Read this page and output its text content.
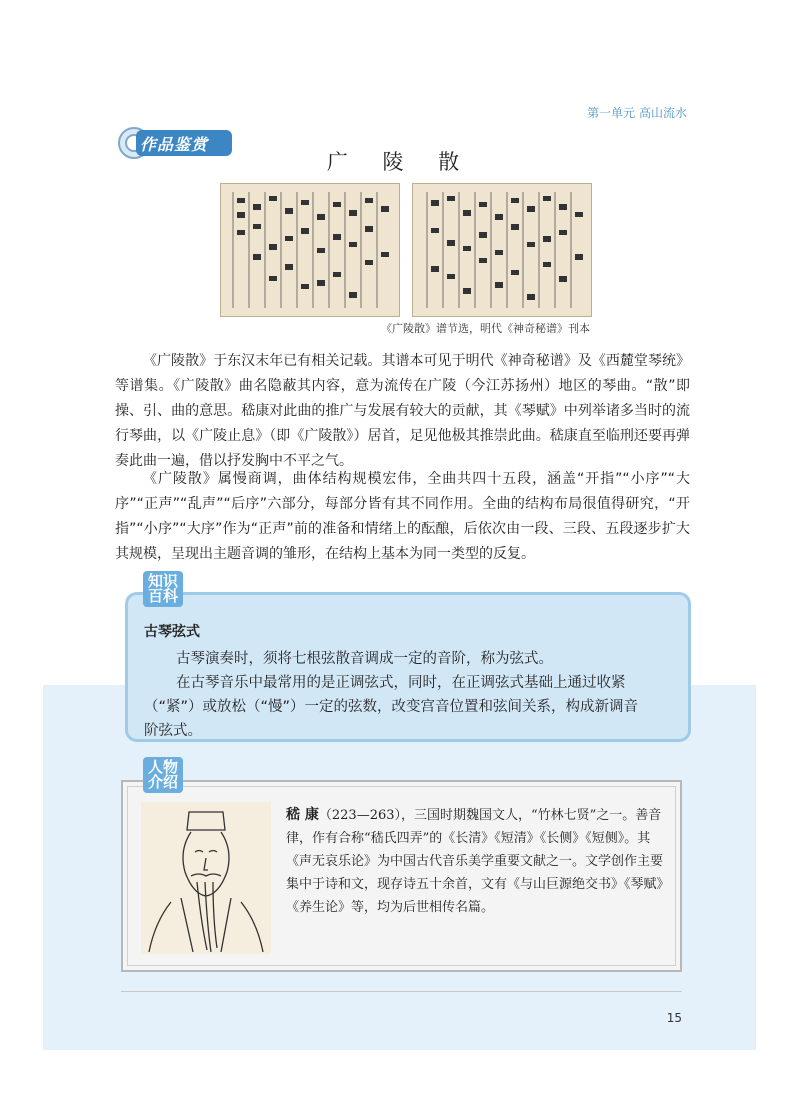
第一单元 高山流水
作品鉴赏
广 陵 散
《广陵散》谱节选，明代《神奇秘谱》刊本

《广陵散》于东汉末年已有相关记载。其谱本可见于明代《神奇秘谱》及《西麓堂琴统》等谱集。《广陵散》曲名隐蔽其内容，意为流传在广陵（今江苏扬州）地区的琴曲。“散”即操、引、曲的意思。嵇康对此曲的推广与发展有较大的贡献，其《琴赋》中列举诸多当时的流行琴曲，以《广陵止息》（即《广陵散》）居首，足见他极其推崇此曲。嵇康直至临刑还要再弹奏此曲一遍，借以抒发胸中不平之气。

《广陵散》属慢商调，曲体结构规模宏伟，全曲共四十五段，涵盖“开指”“小序”“大序”“正声”“乱声”“后序”六部分，每部分皆有其不同作用。全曲的结构布局很值得研究，“开指”“小序”“大序”作为“正声”前的准备和情绪上的酝酿，后依次由一段、三段、五段逐步扩大其规模，呈现出主题音调的雏形，在结构上基本为同一类型的反复。

古琴弦式

古琴演奏时，须将七根弦散音调成一定的音阶，称为弦式。

在古琴音乐中最常用的是正调弦式，同时，在正调弦式基础上通过收紧

（“紧”）或放松（“慢”）一定的弦数，改变宫音位置和弦间关系，构成新调音

阶弦式。

知识
百科

嵇 康（223—263），三国时期魏国文人，“竹林七贤”之一。善音律，作有合称“嵇氏四弄”的《长清》《短清》《长侧》《短侧》。其《声无哀乐论》为中国古代音乐美学重要文献之一。文学创作主要集中于诗和文，现存诗五十余首，文有《与山巨源绝交书》《琴赋》《养生论》等，均为后世相传名篇。

人物
介绍
15
